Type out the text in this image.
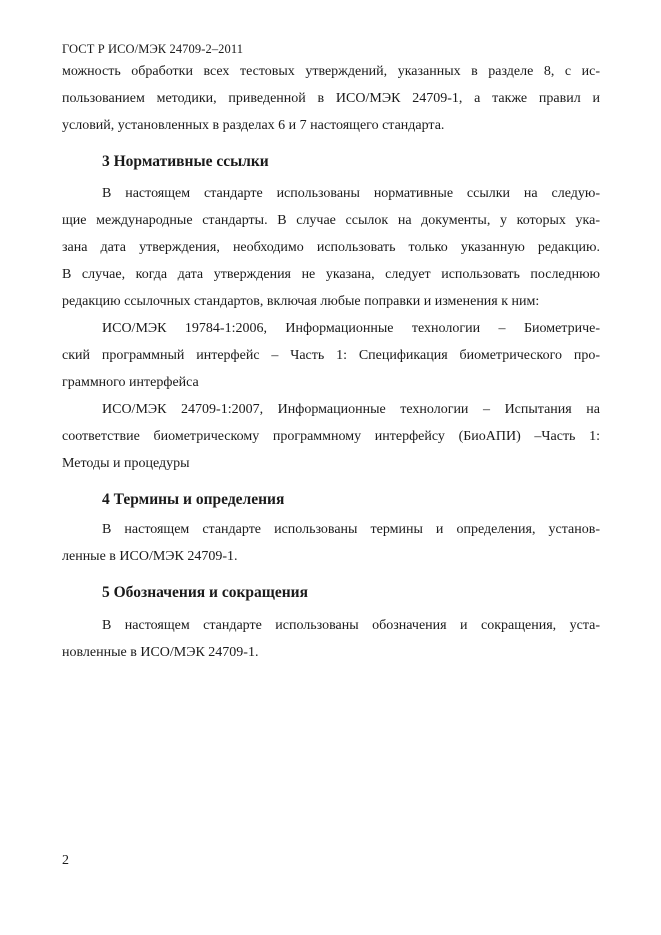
ГОСТ Р ИСО/МЭК 24709-2–2011
можность обработки всех тестовых утверждений, указанных в разделе 8, с ис-
пользованием методики, приведенной в ИСО/МЭК 24709-1, а также правил и
условий, установленных в разделах 6 и 7 настоящего стандарта.
3 Нормативные ссылки
В настоящем стандарте использованы нормативные ссылки на следую-
щие международные стандарты. В случае ссылок на документы, у которых ука-
зана дата утверждения, необходимо использовать только указанную редакцию.
В случае, когда дата утверждения не указана, следует использовать последнюю
редакцию ссылочных стандартов, включая любые поправки и изменения к ним:
ИСО/МЭК 19784-1:2006, Информационные технологии – Биометриче-
ский программный интерфейс – Часть 1: Спецификация биометрического про-
граммного интерфейса
ИСО/МЭК 24709-1:2007, Информационные технологии – Испытания на
соответствие биометрическому программному интерфейсу (БиоАПИ) –Часть 1:
Методы и процедуры
4 Термины и определения
В настоящем стандарте использованы термины и определения, установ-
ленные в ИСО/МЭК 24709-1.
5 Обозначения и сокращения
В настоящем стандарте использованы обозначения и сокращения, уста-
новленные в ИСО/МЭК 24709-1.
2
